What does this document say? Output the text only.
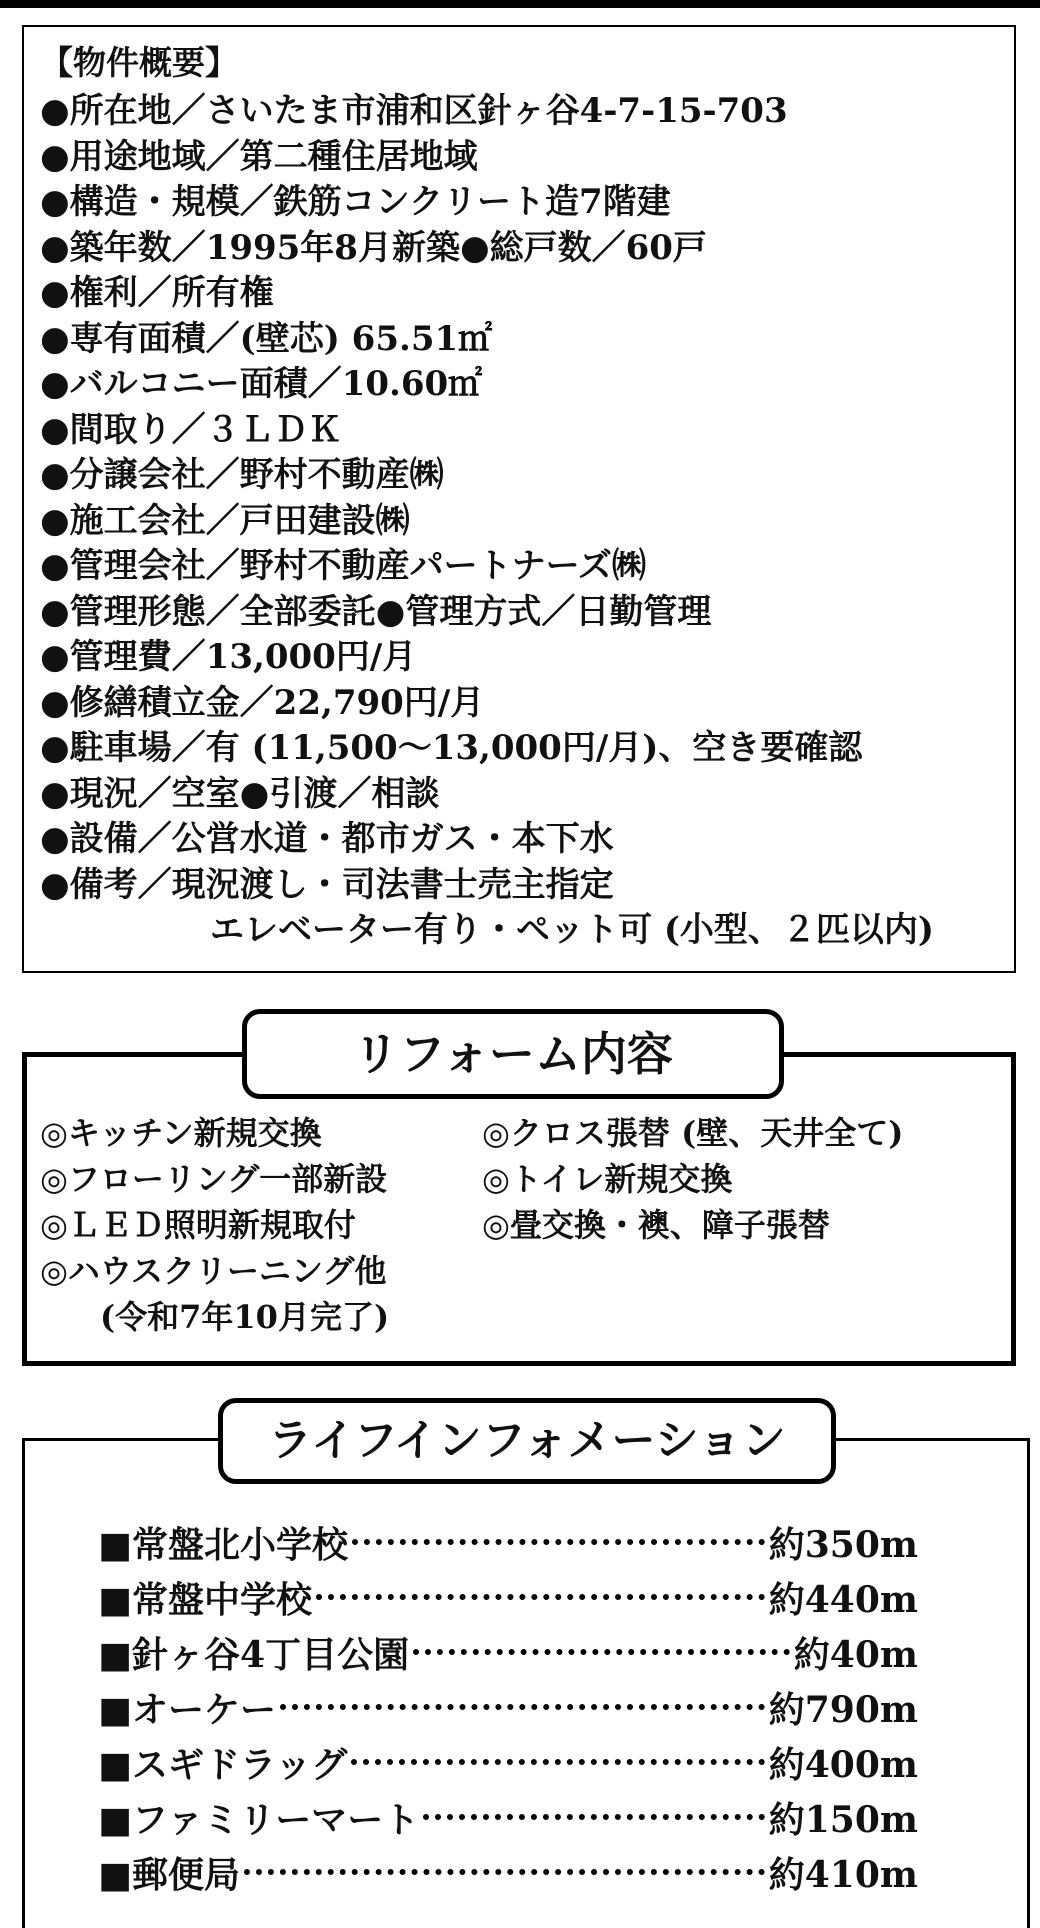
【物件概要】
●所在地／さいたま市浦和区針ヶ谷4-7-15-703
●用途地域／第二種住居地域
●構造・規模／鉄筋コンクリート造7階建
●築年数／1995年8月新築●総戸数／60戸
●権利／所有権
●専有面積／(壁芯) 65.51㎡
●バルコニー面積／10.60㎡
●間取り／３ＬＤＫ
●分譲会社／野村不動産㈱
●施工会社／戸田建設㈱
●管理会社／野村不動産パートナーズ㈱
●管理形態／全部委託●管理方式／日勤管理
●管理費／13,000円/月
●修繕積立金／22,790円/月
●駐車場／有 (11,500～13,000円/月)、空き要確認
●現況／空室●引渡／相談
●設備／公営水道・都市ガス・本下水
●備考／現況渡し・司法書士売主指定
エレベーター有り・ペット可 (小型、２匹以内)
リフォーム内容
◎キッチン新規交換
◎フローリング一部新設
◎ＬＥＤ照明新規取付
◎ハウスクリーニング他
(令和7年10月完了)
◎クロス張替 (壁、天井全て)
◎トイレ新規交換
◎畳交換・襖、障子張替
ライフインフォメーション
■常盤北小学校	約350m
■常盤中学校	約440m
■針ヶ谷4丁目公園	約40m
■オーケー	約790m
■スギドラッグ	約400m
■ファミリーマート	約150m
■郵便局	約410m
